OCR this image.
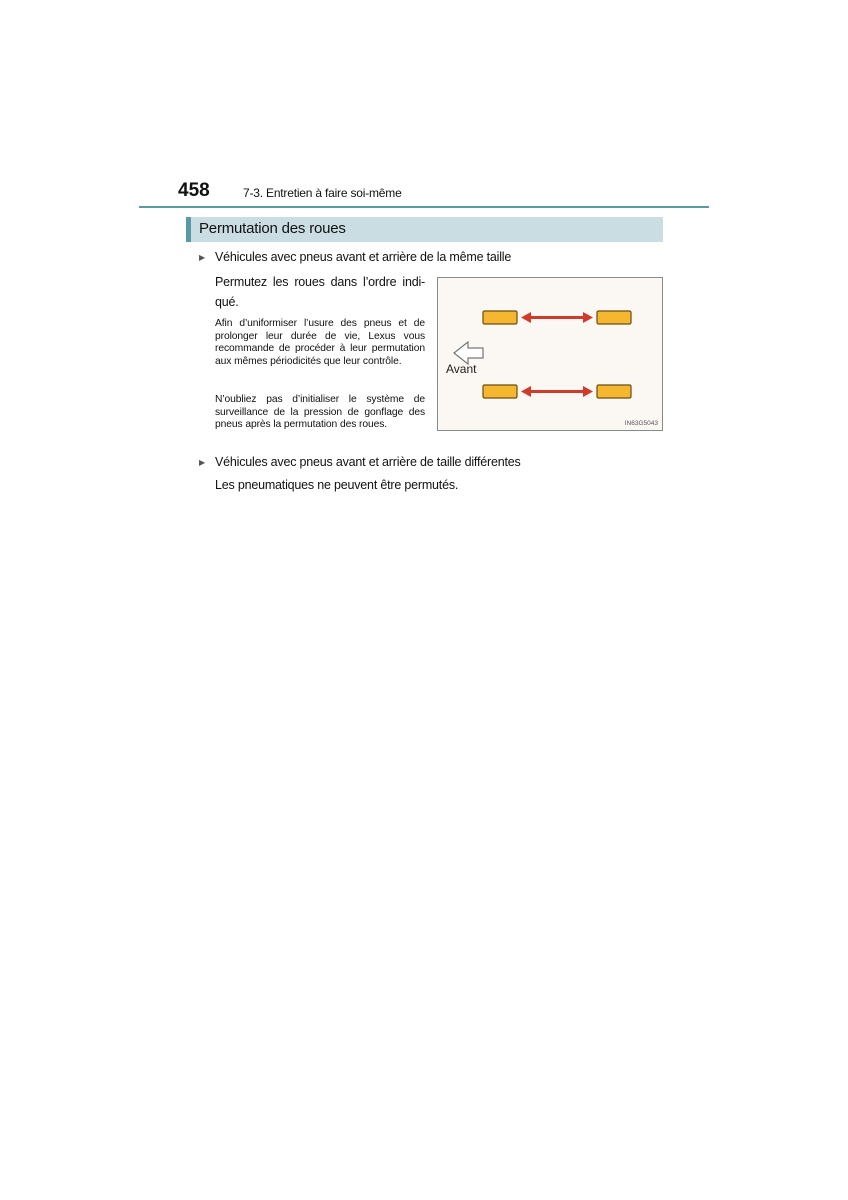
458	7-3. Entretien à faire soi-même
Permutation des roues
▶ Véhicules avec pneus avant et arrière de la même taille
Permutez les roues dans l’ordre indi-qué.
Afin d’uniformiser l’usure des pneus et de prolonger leur durée de vie, Lexus vous recommande de procéder à leur permutation aux mêmes périodicités que leur contrôle.
N’oubliez pas d’initialiser le système de surveillance de la pression de gonflage des pneus après la permutation des roues.
Avant
IN63G5043
▶ Véhicules avec pneus avant et arrière de taille différentes
Les pneumatiques ne peuvent être permutés.
